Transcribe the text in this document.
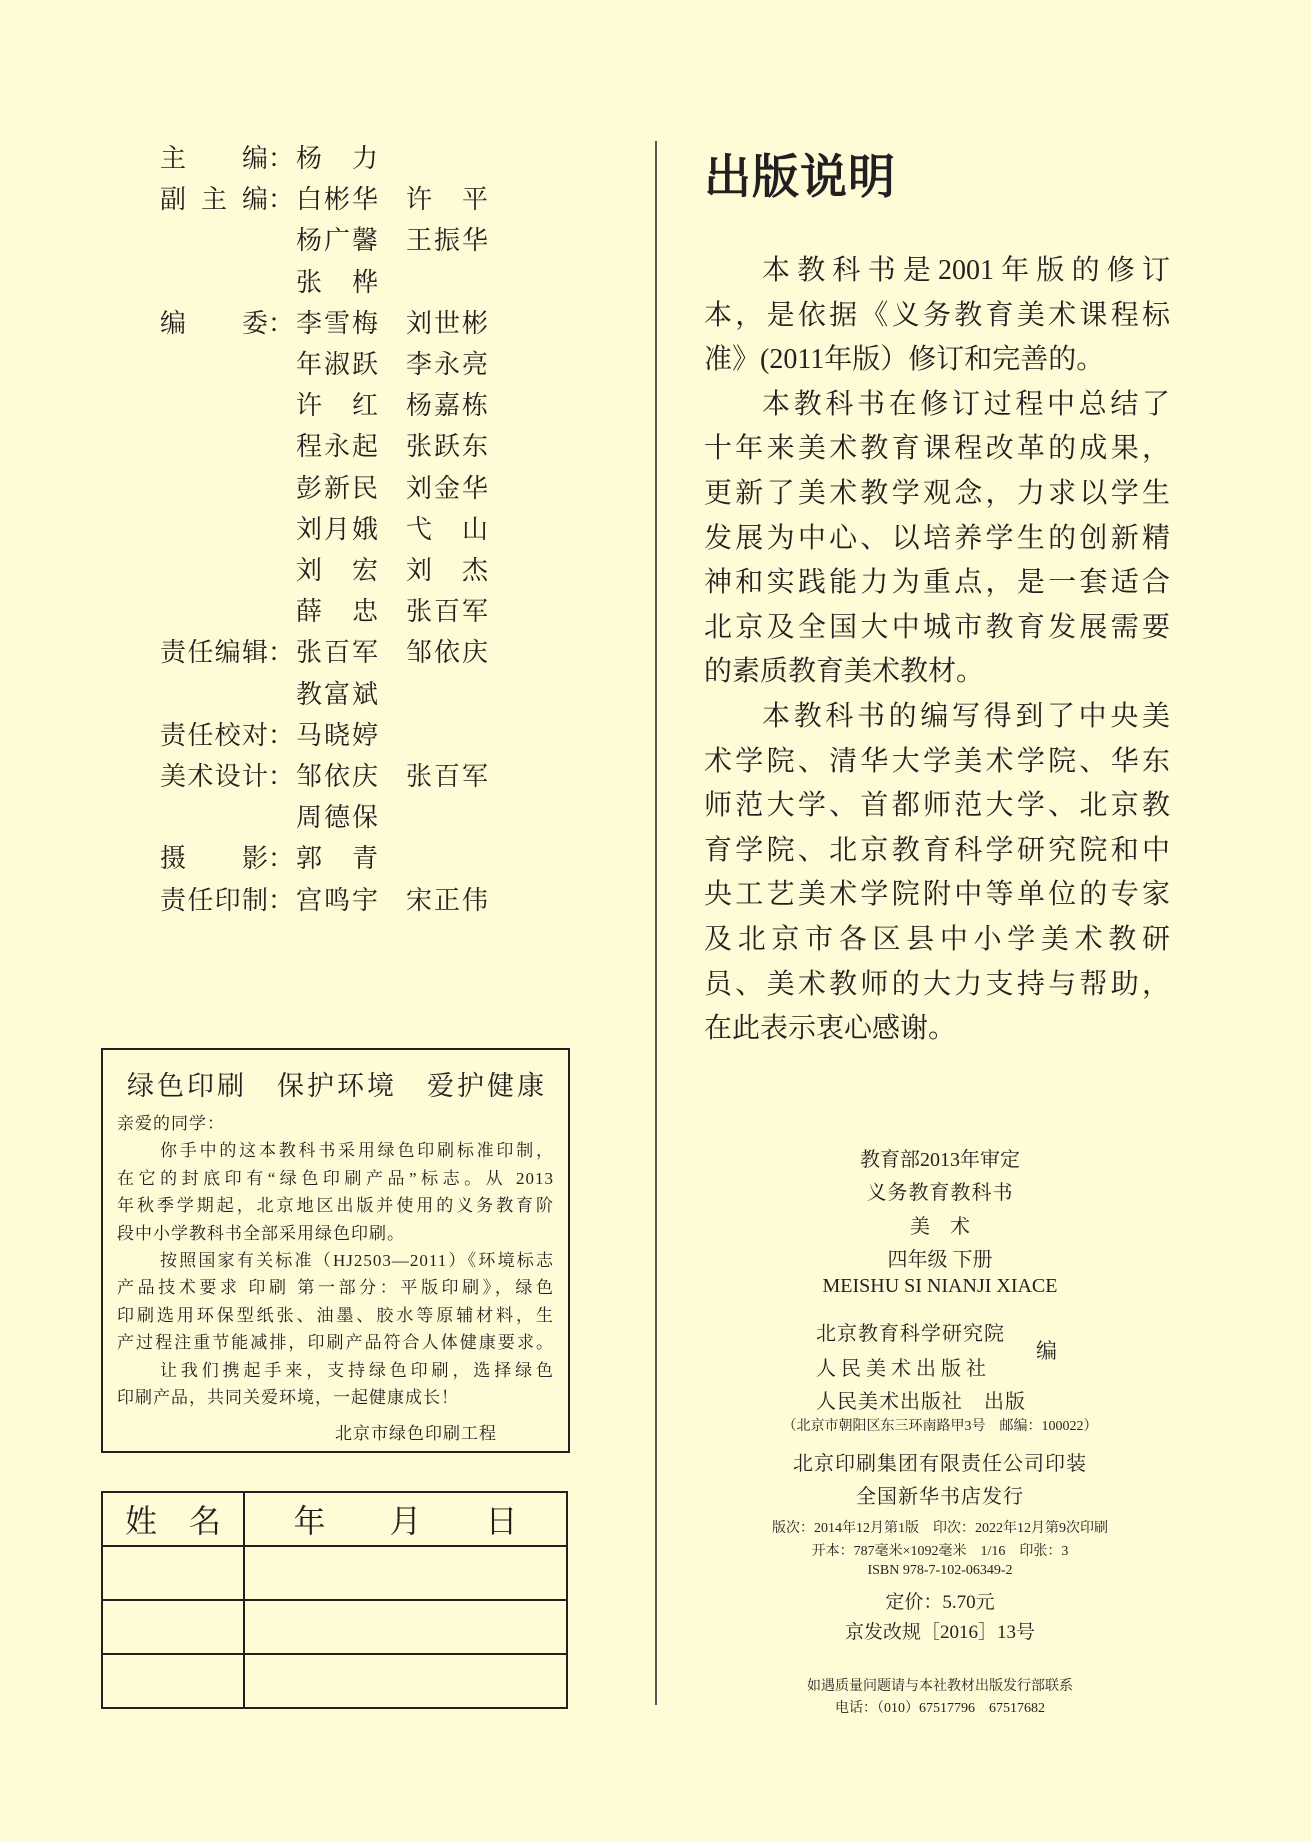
主编 ： 杨力
副主编 ： 白彬华 许平
杨广馨 王振华
张桦
编委 ： 李雪梅 刘世彬
年淑跃 李永亮
许红 杨嘉栋
程永起 张跃东
彭新民 刘金华
刘月娥 弋山
刘宏 刘杰
薛忠 张百军
责任编辑 ： 张百军 邹依庆
教富斌
责任校对 ： 马晓婷
美术设计 ： 邹依庆 张百军
周德保
摄影 ： 郭青
责任印制 ： 宫鸣宇 宋正伟
出版说明
本教科书是2001年版的修订
本，是依据《义务教育美术课程标
准》(2011年版）修订和完善的。
本教科书在修订过程中总结了
十年来美术教育课程改革的成果，
更新了美术教学观念，力求以学生
发展为中心、以培养学生的创新精
神和实践能力为重点，是一套适合
北京及全国大中城市教育发展需要
的素质教育美术教材。
本教科书的编写得到了中央美
术学院、清华大学美术学院、华东
师范大学、首都师范大学、北京教
育学院、北京教育科学研究院和中
央工艺美术学院附中等单位的专家
及北京市各区县中小学美术教研
员、美术教师的大力支持与帮助，
在此表示衷心感谢。
教育部2013年审定
义务教育教科书
美　术
四年级 下册
MEISHU SI NIANJI XIACE
北京教育科学研究院
人 民 美 术 出 版 社
编
人民美术出版社　出版
（北京市朝阳区东三环南路甲3号　邮编：100022）
北京印刷集团有限责任公司印装
全国新华书店发行
版次：2014年12月第1版　印次：2022年12月第9次印刷
开本：787毫米×1092毫米　1/16　印张：3
ISBN 978-7-102-06349-2
定价：5.70元
京发改规［2016］13号
如遇质量问题请与本社教材出版发行部联系
电话：（010）67517796　67517682
绿色印刷　保护环境　爱护健康
亲爱的同学：
你手中的这本教科书采用绿色印刷标准印制，
在它的封底印有“绿色印刷产品”标志。从 2013
年秋季学期起，北京地区出版并使用的义务教育阶
段中小学教科书全部采用绿色印刷。
按照国家有关标准（HJ2503—2011）《环境标志
产品技术要求 印刷 第一部分：平版印刷》，绿色
印刷选用环保型纸张、油墨、胶水等原辅材料，生
产过程注重节能减排，印刷产品符合人体健康要求。
让我们携起手来，支持绿色印刷，选择绿色
印刷产品，共同关爱环境，一起健康成长！
北京市绿色印刷工程
姓　名	年　　月　　日
